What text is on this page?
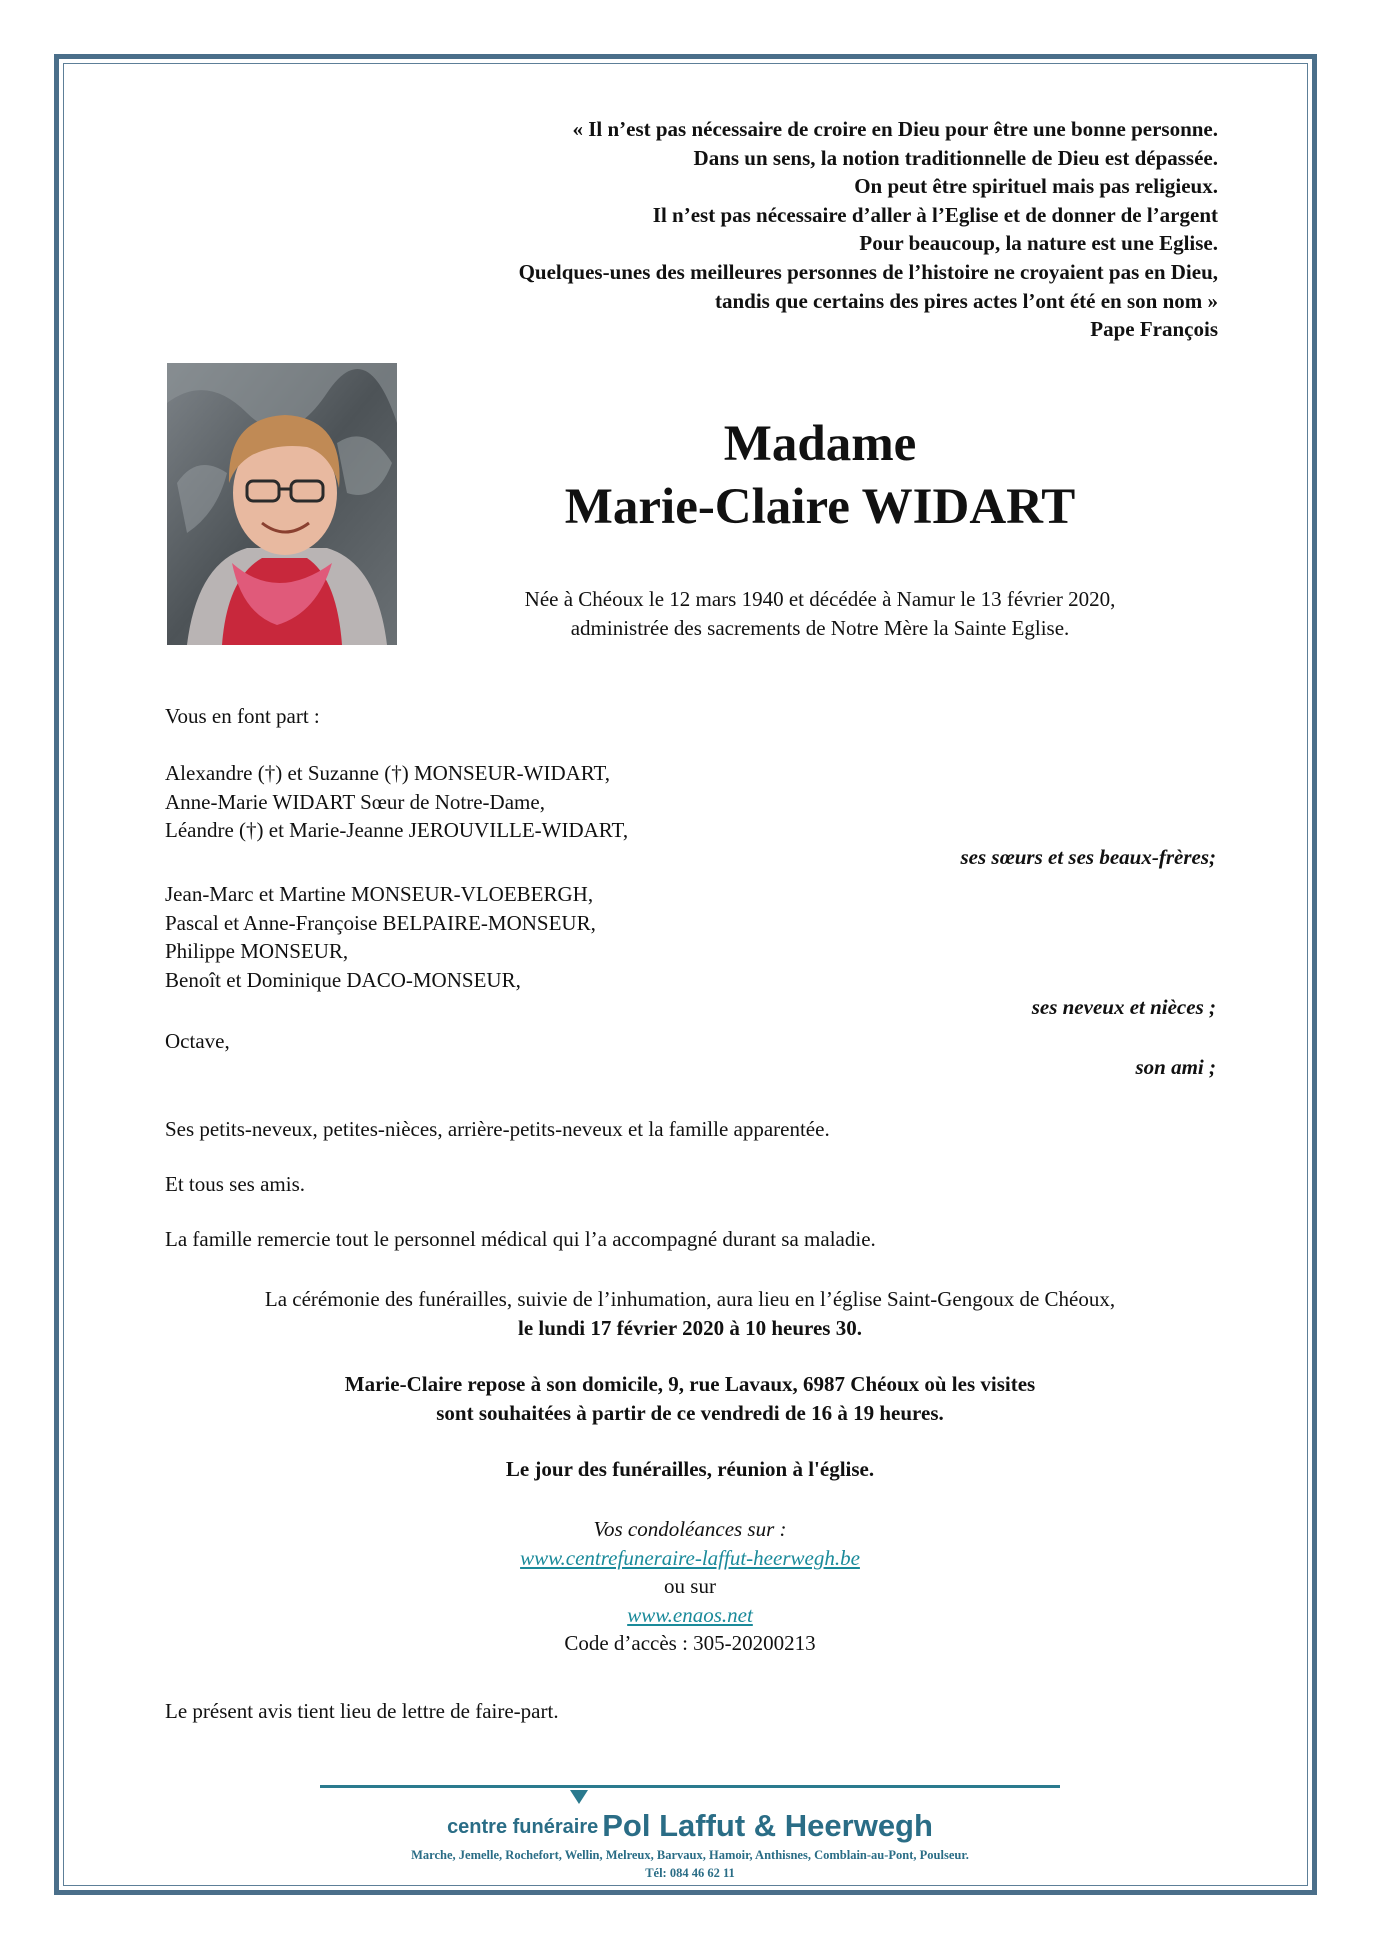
« Il n’est pas nécessaire de croire en Dieu pour être une bonne personne.
Dans un sens, la notion traditionnelle de Dieu est dépassée.
On peut être spirituel mais pas religieux.
Il n’est pas nécessaire d’aller à l’Eglise et de donner de l’argent
Pour beaucoup, la nature est une Eglise.
Quelques-unes des meilleures personnes de l’histoire ne croyaient pas en Dieu,
tandis que certains des pires actes l’ont été en son nom »
Pape François
Madame
Marie-Claire WIDART
Née à Chéoux le 12 mars 1940 et décédée à Namur le 13 février 2020,
administrée des sacrements de Notre Mère la Sainte Eglise.
Vous en font part :
Alexandre (†) et Suzanne (†) MONSEUR-WIDART,
Anne-Marie WIDART Sœur de Notre-Dame,
Léandre (†) et Marie-Jeanne JEROUVILLE-WIDART,
ses sœurs et ses beaux-frères;
Jean-Marc et Martine MONSEUR-VLOEBERGH,
Pascal et Anne-Françoise BELPAIRE-MONSEUR,
Philippe MONSEUR,
Benoît et Dominique DACO-MONSEUR,
ses neveux et nièces ;
Octave,
son ami ;
Ses petits-neveux, petites-nièces, arrière-petits-neveux et la famille apparentée.
Et tous ses amis.
La famille remercie tout le personnel médical qui l’a accompagné durant sa maladie.
La cérémonie des funérailles, suivie de l’inhumation, aura lieu en l’église Saint-Gengoux de Chéoux,
le lundi 17 février 2020 à 10 heures 30.
Marie-Claire repose à son domicile, 9, rue Lavaux, 6987 Chéoux où les visites
sont souhaitées à partir de ce vendredi de 16 à 19 heures.
Le jour des funérailles, réunion à l'église.
Vos condoléances sur :
www.centrefuneraire-laffut-heerwegh.be
ou sur
www.enaos.net
Code d’accès : 305-20200213
Le présent avis tient lieu de lettre de faire-part.
centre funéraire Pol Laffut & Heerwegh
Marche, Jemelle, Rochefort, Wellin, Melreux, Barvaux, Hamoir, Anthisnes, Comblain-au-Pont, Poulseur.
Tél: 084 46 62 11
